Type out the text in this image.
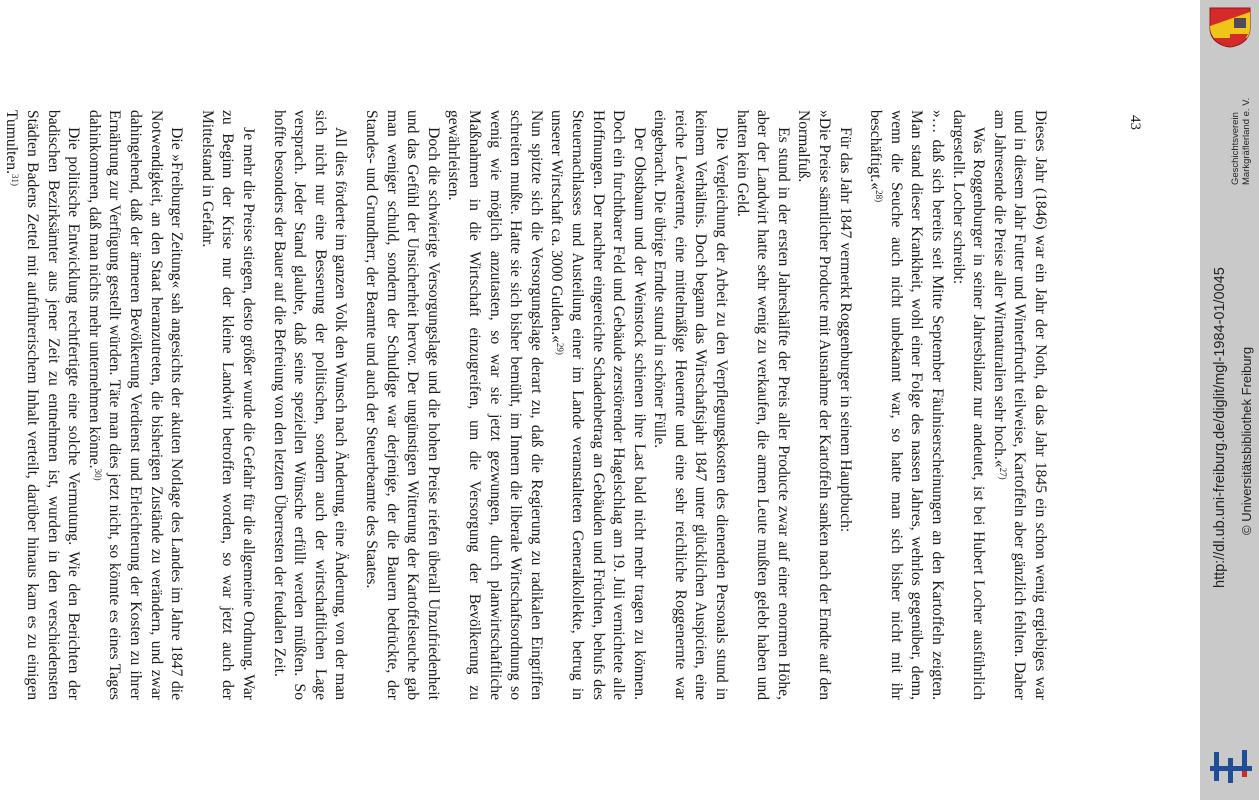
Dieses Jahr (1846) war ein Jahr der Noth, da das Jahr 1845 ein schon wenig ergiebiges war und in diesem Jahr Futter und Winterfrucht teilweise, Kartoffeln aber gänzlich fehlten. Daher am Jahresende die Preise aller Wirtnaturalien sehr hoch.«$^{27)}$

Was Roggenburger in seiner Jahresbilanz nur andeutet, ist bei Hubert Locher ausführlich dargestellt. Locher schreibt:

»… daß sich bereits seit Mitte September Fäulniserscheinungen an den Kartoffeln zeigten. Man stand dieser Krankheit, wohl einer Folge des nassen Jahres, wehrlos gegenüber, denn, wenn die Seuche auch nicht unbekannt war, so hatte man sich bisher nicht mit ihr beschäftigt.«$^{28)}$

Für das Jahr 1847 vermerkt Roggenburger in seinem Hauptbuch:

»Die Preise sämtlicher Producte mit Ausnahme der Kartoffeln sanken nach der Erndte auf den Normalfuß.

Es stund in der ersten Jahreshälfte der Preis aller Producte zwar auf einer enormen Höhe, aber der Landwirt hatte sehr wenig zu verkaufen, die armen Leute mußten gelebt haben und hatten kein Geld.

Die Vergleichung der Arbeit zu den Verpflegungskosten des dienenden Personals stund in keinem Verhältnis. Doch begann das Wirtschaftsjahr 1847 unter glücklichen Auspicien, eine reiche Lewaternte, eine mittelmäßige Heuernte und eine sehr reichliche Roggenernte war eingebracht. Die übrige Erndte stund in schöner Fülle.

Der Obstbaum und der Weinstock schienen ihre Last bald nicht mehr tragen zu können. Doch ein furchtbarer Feld und Gebäude zerstörender Hagelschlag am 19. Juli vernichtete alle Hoffnungen. Der nachher eingereichte Schadenbetrag an Gebäuden und Früchten, behufs des Steuernachlasses und Austeilung einer im Lande veranstalteten Generalkollekte, betrug in unserer Wirtschaft ca. 3000 Gulden.«$^{29)}$

Nun spitzte sich die Versorgungslage derart zu, daß die Regierung zu radikalen Eingriffen schreiten mußte. Hatte sie sich bisher bemüht, im Innern die liberale Wirtschaftsordnung so wenig wie möglich anzutasten, so war sie jetzt gezwungen, durch planwirtschaftliche Maßnahmen in die Wirtschaft einzugreifen, um die Versorgung der Bevölkerung zu gewährleisten.

Doch die schwierige Versorgungslage und die hohen Preise riefen überall Unzufriedenheit und das Gefühl der Unsicherheit hervor. Der ungünstigen Witterung der Kartoffelseuche gab man weniger schuld, sondern der Schuldige war derjenige, der die Bauern bedrückte, der Standes- und Grundherr, der Beamte und auch der Steuerbeamte des Staates.

All dies förderte im ganzen Volk den Wunsch nach Änderung, eine Änderung, von der man sich nicht nur eine Besserung der politischen, sondern auch der wirtschaftlichen Lage versprach. Jeder Stand glaubte, daß seine speziellen Wünsche erfüllt werden müßten. So hoffte besonders der Bauer auf die Befreiung von den letzten Überresten der feudalen Zeit.

Je mehr die Preise stiegen, desto größer wurde die Gefahr für die allgemeine Ordnung. War zu Beginn der Krise nur der kleine Landwirt betroffen worden, so war jetzt auch der Mittelstand in Gefahr.

Die »Freiburger Zeitung« sah angesichts der akuten Notlage des Landes im Jahre 1847 die Notwendigkeit, an den Staat heranzutreten, die bisherigen Zustände zu verändern, und zwar dahingehend, daß der ärmeren Bevölkerung Verdienst und Erleichterung der Kosten zu ihrer Ernährung zur Verfügung gestellt würden. Täte man dies jetzt nicht, so könnte es eines Tages dahinkommen, daß man nichts mehr unternehmen könne.$^{30)}$

Die politische Entwicklung rechtfertigte eine solche Vermutung. Wie den Berichten der badischen Bezirksämter aus jener Zeit zu entnehmen ist, wurden in den verschiedensten Städten Badens Zettel mit aufrührerischem Inhalt verteilt, darüber hinaus kam es zu einigen Tumulten.$^{31)}$

43	Geschichtsverein Markgräflerland e. V.
http://dl.ub.uni-freiburg.de/diglit/mgl-1984-01/0045 © Universitätsbibliothek Freiburg
